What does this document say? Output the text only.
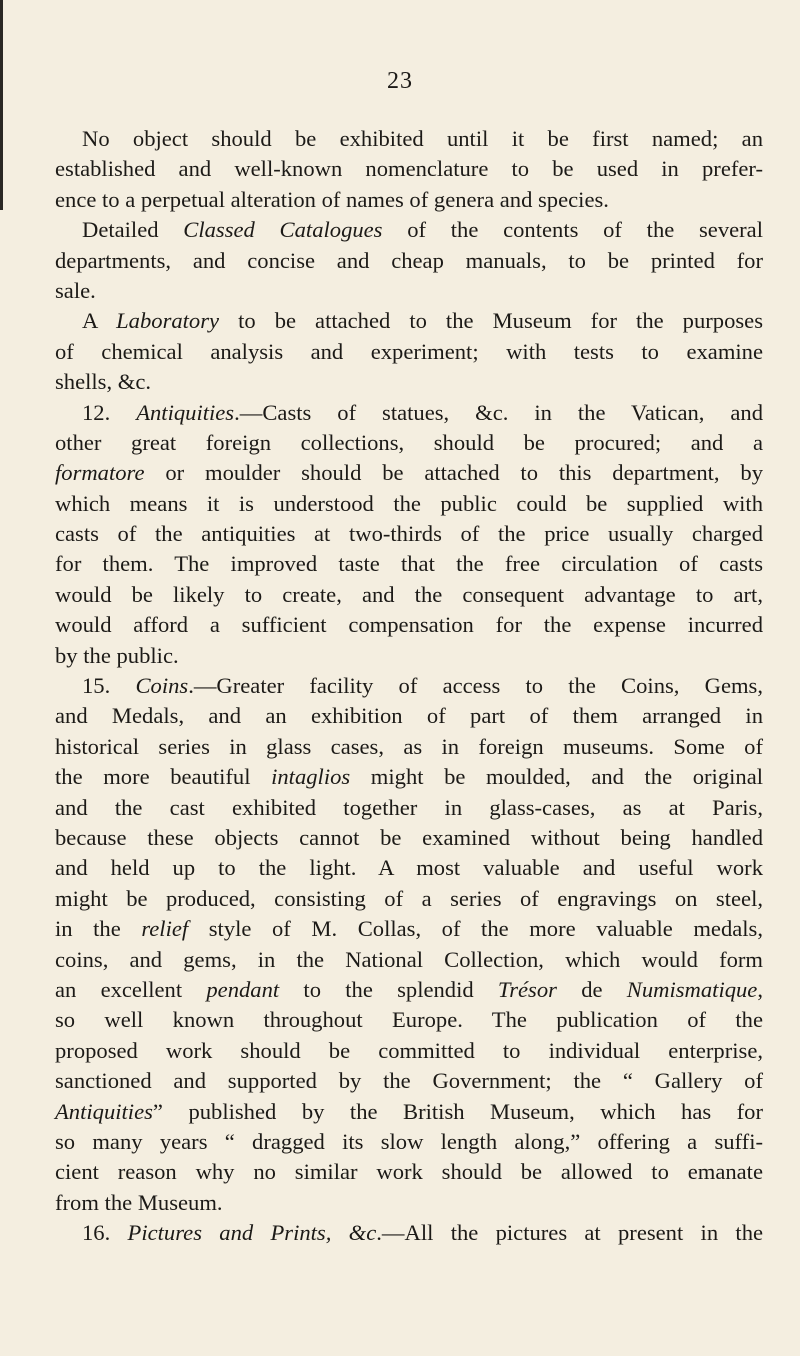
23
No object should be exhibited until it be first named; an
established and well-known nomenclature to be used in prefer-
ence to a perpetual alteration of names of genera and species.
Detailed Classed Catalogues of the contents of the several
departments, and concise and cheap manuals, to be printed for
sale.
A Laboratory to be attached to the Museum for the purposes
of chemical analysis and experiment; with tests to examine
shells, &c.
12. Antiquities.—Casts of statues, &c. in the Vatican, and
other great foreign collections, should be procured; and a
formatore or moulder should be attached to this department, by
which means it is understood the public could be supplied with
casts of the antiquities at two-thirds of the price usually charged
for them. The improved taste that the free circulation of casts
would be likely to create, and the consequent advantage to art,
would afford a sufficient compensation for the expense incurred
by the public.
15. Coins.—Greater facility of access to the Coins, Gems,
and Medals, and an exhibition of part of them arranged in
historical series in glass cases, as in foreign museums. Some of
the more beautiful intaglios might be moulded, and the original
and the cast exhibited together in glass-cases, as at Paris,
because these objects cannot be examined without being handled
and held up to the light. A most valuable and useful work
might be produced, consisting of a series of engravings on steel,
in the relief style of M. Collas, of the more valuable medals,
coins, and gems, in the National Collection, which would form
an excellent pendant to the splendid Trésor de Numismatique,
so well known throughout Europe. The publication of the
proposed work should be committed to individual enterprise,
sanctioned and supported by the Government; the “ Gallery of
Antiquities” published by the British Museum, which has for
so many years “ dragged its slow length along,” offering a suffi-
cient reason why no similar work should be allowed to emanate
from the Museum.
16. Pictures and Prints, &c.—All the pictures at present in the
